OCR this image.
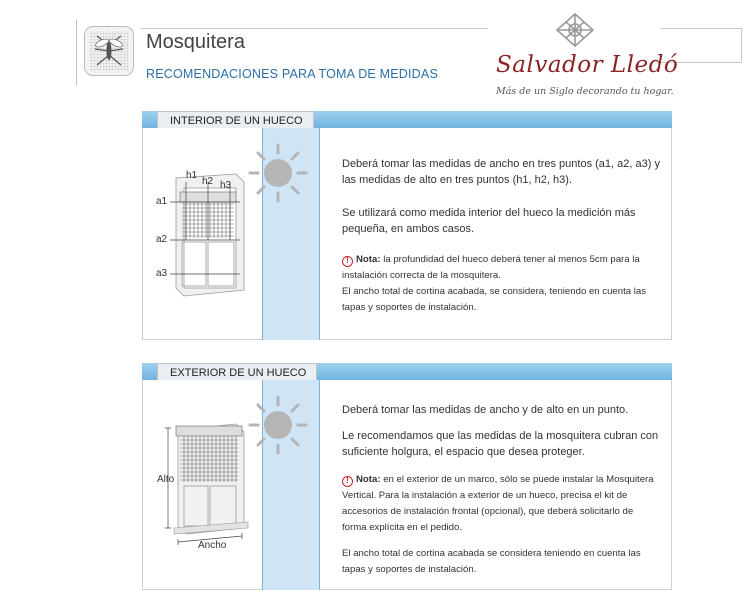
Mosquitera
RECOMENDACIONES PARA TOMA DE MEDIDAS	Salvador Lledó
Más de un Siglo decorando tu hogar.
INTERIOR DE UN HUECO
h1
h2 h3
a1
a2
a3

Deberá tomar las medidas de ancho en tres puntos (a1, a2, a3) y las medidas de alto en tres puntos (h1, h2, h3).

Se utilizará como medida interior del hueco la medición más pequeña, en ambos casos.

! Nota: la profundidad del hueco deberá tener al menos 5cm para la instalación correcta de la mosquitera.

El ancho total de cortina acabada, se considera, teniendo en cuenta las tapas y soportes de instalación.

EXTERIOR DE UN HUECO
Alto
Ancho

Deberá tomar las medidas de ancho y de alto en un punto.

Le recomendamos que las medidas de la mosquitera cubran con suficiente holgura, el espacio que desea proteger.

! Nota: en el exterior de un marco, sólo se puede instalar la Mosquitera Vertical. Para la instalación a exterior de un hueco, precisa el kit de accesorios de instalación frontal (opcional), que deberá solicitarlo de forma explícita en el pedido.

El ancho total de cortina acabada se considera teniendo en cuenta las tapas y soportes de instalación.
